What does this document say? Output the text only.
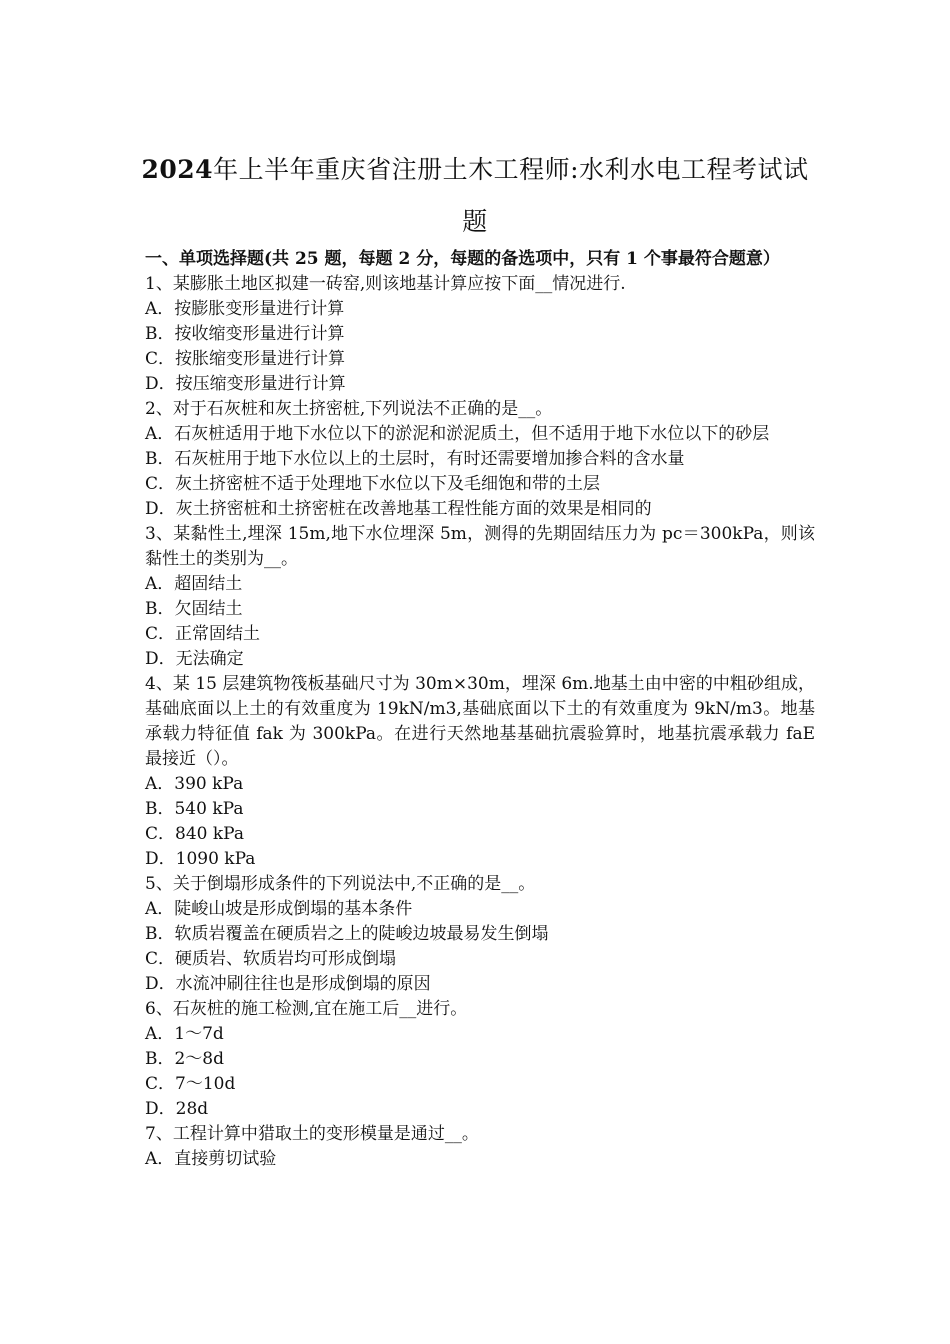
2024年上半年重庆省注册土木工程师:水利水电工程考试试题
一、单项选择题(共 25 题，每题 2 分，每题的备选项中，只有 1 个事最符合题意）
1、某膨胀土地区拟建一砖窑,则该地基计算应按下面__情况进行.
A．按膨胀变形量进行计算
B．按收缩变形量进行计算
C．按胀缩变形量进行计算
D．按压缩变形量进行计算
2、对于石灰桩和灰土挤密桩,下列说法不正确的是__。
A．石灰桩适用于地下水位以下的淤泥和淤泥质土，但不适用于地下水位以下的砂层
B．石灰桩用于地下水位以上的土层时，有时还需要增加掺合料的含水量
C．灰土挤密桩不适于处理地下水位以下及毛细饱和带的土层
D．灰土挤密桩和土挤密桩在改善地基工程性能方面的效果是相同的
3、某黏性土,埋深 15m,地下水位埋深 5m，测得的先期固结压力为 pc＝300kPa，则该黏性土的类别为__。
A．超固结土
B．欠固结土
C．正常固结土
D．无法确定
4、某 15 层建筑物筏板基础尺寸为 30m×30m，埋深 6m.地基土由中密的中粗砂组成，基础底面以上土的有效重度为 19kN/m3,基础底面以下土的有效重度为 9kN/m3。地基承载力特征值 fak 为 300kPa。在进行天然地基基础抗震验算时，地基抗震承载力 faE 最接近（）。
A．390 kPa
B．540 kPa
C．840 kPa
D．1090 kPa
5、关于倒塌形成条件的下列说法中,不正确的是__。
A．陡峻山坡是形成倒塌的基本条件
B．软质岩覆盖在硬质岩之上的陡峻边坡最易发生倒塌
C．硬质岩、软质岩均可形成倒塌
D．水流冲刷往往也是形成倒塌的原因
6、石灰桩的施工检测,宜在施工后__进行。
A．1～7d
B．2～8d
C．7～10d
D．28d
7、工程计算中猎取土的变形模量是通过__。
A．直接剪切试验
